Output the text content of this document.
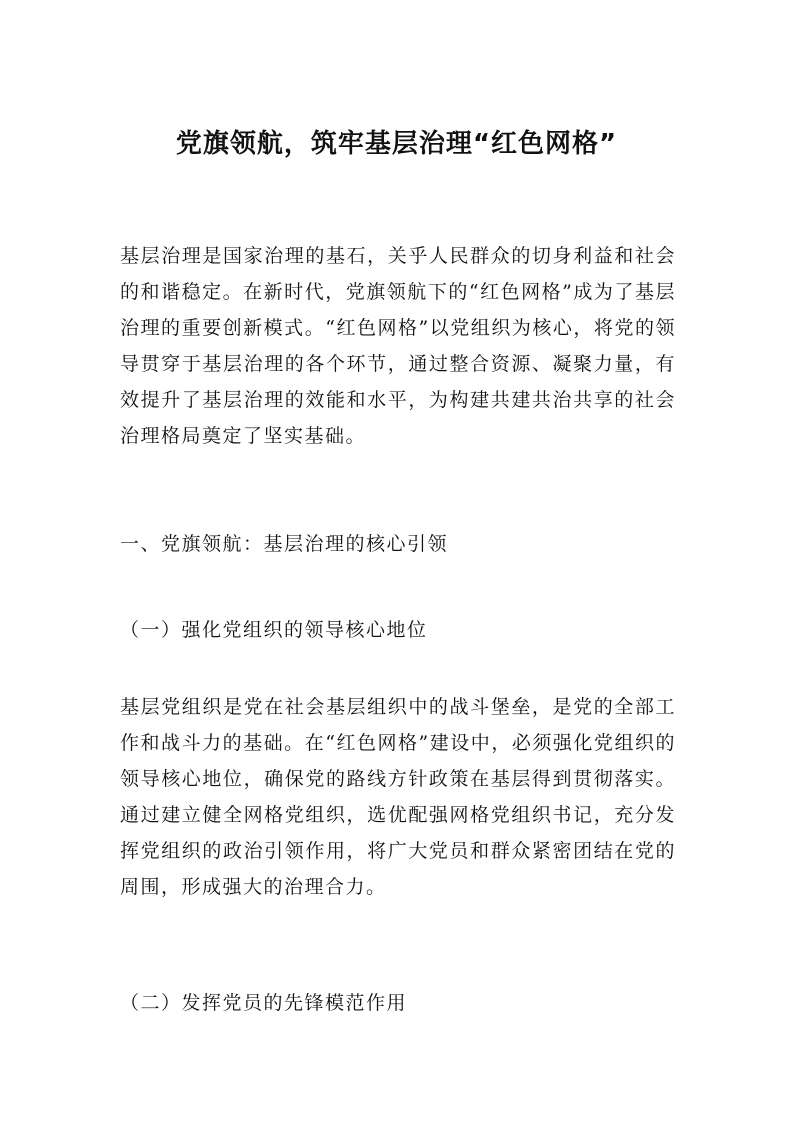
党旗领航，筑牢基层治理“红色网格”
基层治理是国家治理的基石，关乎人民群众的切身利益和社会的和谐稳定。在新时代，党旗领航下的“红色网格”成为了基层治理的重要创新模式。“红色网格”以党组织为核心，将党的领导贯穿于基层治理的各个环节，通过整合资源、凝聚力量，有效提升了基层治理的效能和水平，为构建共建共治共享的社会治理格局奠定了坚实基础。
一、党旗领航：基层治理的核心引领
（一）强化党组织的领导核心地位
基层党组织是党在社会基层组织中的战斗堡垒，是党的全部工作和战斗力的基础。在“红色网格”建设中，必须强化党组织的领导核心地位，确保党的路线方针政策在基层得到贯彻落实。通过建立健全网格党组织，选优配强网格党组织书记，充分发挥党组织的政治引领作用，将广大党员和群众紧密团结在党的周围，形成强大的治理合力。
（二）发挥党员的先锋模范作用
